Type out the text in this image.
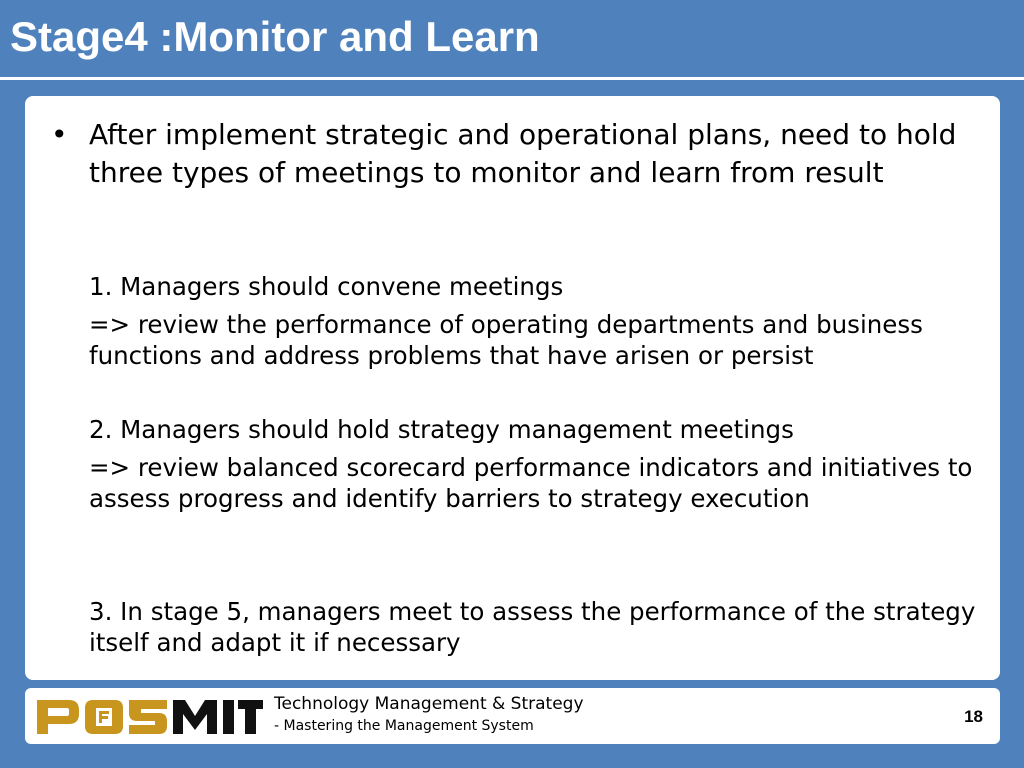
Stage4 :Monitor and Learn
• After implement strategic and operational plans, need to hold three types of meetings to monitor and learn from result
1. Managers should convene meetings
=> review the performance of operating departments and business functions and address problems that have arisen or persist
2. Managers should hold strategy management meetings
=> review balanced scorecard performance indicators and initiatives to assess progress and identify barriers to strategy execution
3. In stage 5, managers meet to assess the performance of the strategy itself and adapt it if necessary
Technology Management & Strategy
- Mastering the Management System	18
